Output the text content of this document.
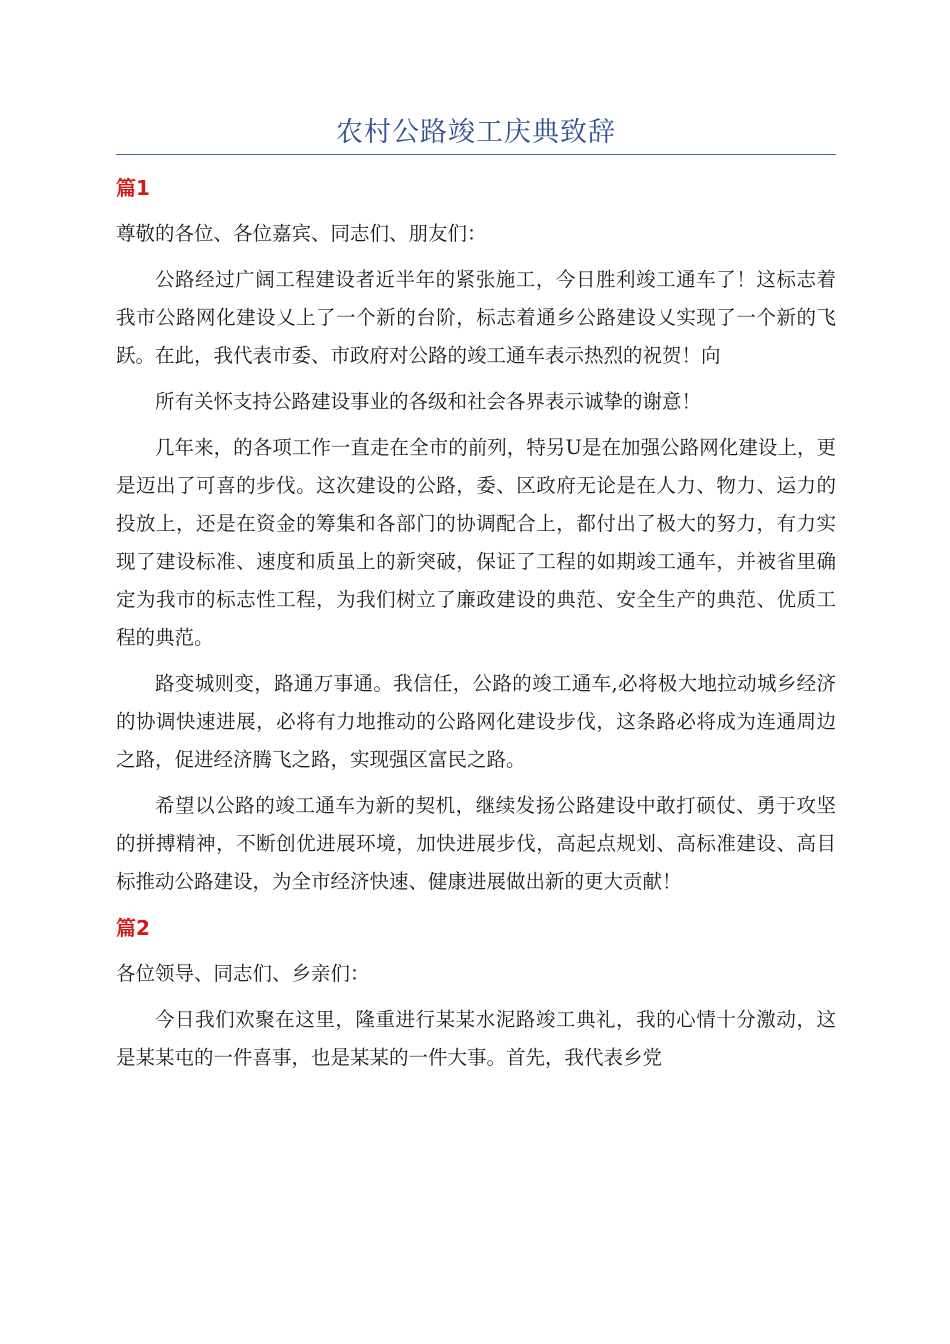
农村公路竣工庆典致辞
篇1

尊敬的各位、各位嘉宾、同志们、朋友们：

公路经过广阔工程建设者近半年的紧张施工，今日胜利竣工通车了！这标志着我市公路网化建设乂上了一个新的台阶，标志着通乡公路建设乂实现了一个新的飞跃。在此，我代表市委、市政府对公路的竣工通车表示热烈的祝贺！向

所有关怀支持公路建设事业的各级和社会各界表示诚挚的谢意！

几年来，的各项工作一直走在全市的前列，特另U是在加强公路网化建设上，更是迈出了可喜的步伐。这次建设的公路，委、区政府无论是在人力、物力、运力的投放上，还是在资金的筹集和各部门的协调配合上，都付出了极大的努力，有力实现了建设标准、速度和质虽上的新突破，保证了工程的如期竣工通车，并被省里确定为我市的标志性工程，为我们树立了廉政建设的典范、安全生产的典范、优质工程的典范。

路变城则变，路通万事通。我信任，公路的竣工通车,必将极大地拉动城乡经济的协调快速进展，必将有力地推动的公路网化建设步伐，这条路必将成为连通周边之路，促进经济腾飞之路，实现强区富民之路。

希望以公路的竣工通车为新的契机，继续发扬公路建设中敢打硕仗、勇于攻坚的拼搏精神，不断创优进展环境，加快进展步伐，高起点规划、高标准建设、高目标推动公路建设，为全市经济快速、健康进展做出新的更大贡献！

篇2

各位领导、同志们、乡亲们：

今日我们欢聚在这里，隆重进行某某水泥路竣工典礼，我的心情十分激动，这是某某屯的一件喜事，也是某某的一件大事。首先，我代表乡党
